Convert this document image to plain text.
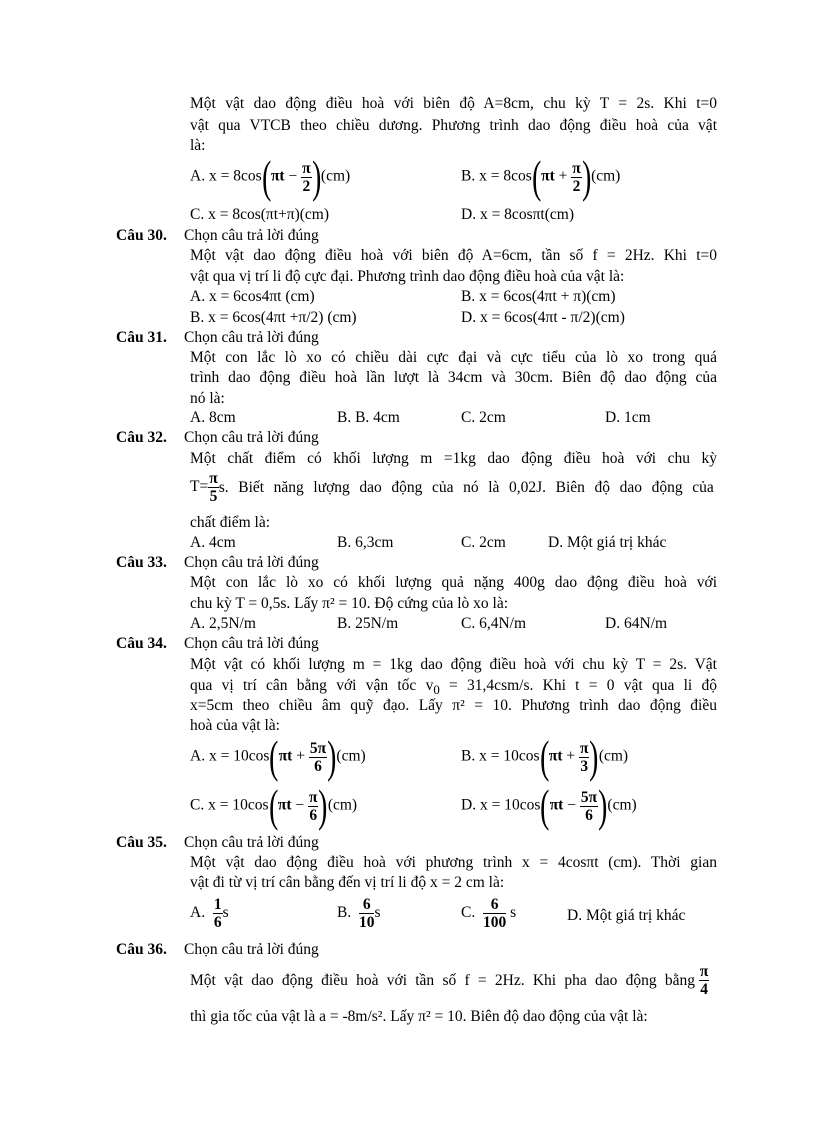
Một vật dao động điều hoà với biên độ A=8cm, chu kỳ T = 2s. Khi t=0
vật qua VTCB theo chiều dương. Phương trình dao động điều hoà của vật
là:
A. $x = 8\cos(\pi t - \frac{\pi}{2} )(cm)$	B. $x = 8\cos(\pi t + \frac{\pi}{2} )(cm)$
C. x = 8cos(πt+π)(cm)	D. x = 8cosπt(cm)
Câu 30. Chọn câu trả lời đúng
Một vật dao động điều hoà với biên độ A=6cm, tần số f = 2Hz. Khi t=0
vật qua vị trí li độ cực đại. Phương trình dao động điều hoà của vật là:
A. x = 6cos4πt (cm)	B. x = 6cos(4πt + π)(cm)
B. x = 6cos(4πt +π/2) (cm)	D. x = 6cos(4πt - π/2)(cm)
Câu 31. Chọn câu trả lời đúng
Một con lắc lò xo có chiều dài cực đại và cực tiểu của lò xo trong quá
trình dao động điều hoà lần lượt là 34cm và 30cm. Biên độ dao động của
nó là:
A. 8cm	B. B. 4cm	C. 2cm	D. 1cm
Câu 32. Chọn câu trả lời đúng
Một chất điểm có khối lượng m =1kg dao động điều hoà với chu kỳ
$T= \frac{\pi}{5} s$. Biết năng lượng dao động của nó là 0,02J. Biên độ dao động của
chất điểm là:
A. 4cm	B. 6,3cm	C. 2cm	D. Một giá trị khác
Câu 33. Chọn câu trả lời đúng
Một con lắc lò xo có khối lượng quả nặng 400g dao động điều hoà với
chu kỳ T = 0,5s. Lấy π² = 10. Độ cứng của lò xo là:
A. 2,5N/m	B. 25N/m	C. 6,4N/m	D. 64N/m
Câu 34. Chọn câu trả lời đúng
Một vật có khối lượng m = 1kg dao động điều hoà với chu kỳ T = 2s. Vật
qua vị trí cân bằng với vận tốc $v_0 = 31,4csm/s$. Khi t = 0 vật qua li độ
x=5cm theo chiều âm quỹ đạo. Lấy π² = 10. Phương trình dao động điều
hoà của vật là:
A. $x = 10\cos(\pi t + \frac{5\pi}{6} )(cm)$	B. $x = 10\cos(\pi t + \frac{\pi}{3} )(cm)$
C. $x = 10\cos(\pi t - \frac{\pi}{6} )(cm)$	D. $x = 10\cos(\pi t - \frac{5\pi}{6} )(cm)$
Câu 35. Chọn câu trả lời đúng
Một vật dao động điều hoà với phương trình x = 4cosπt (cm). Thời gian
vật đi từ vị trí cân bằng đến vị trí li độ x = 2 cm là:
A. $\frac{1}{6}$ s	B. $\frac{6}{10}$ s	C. $\frac{6}{100}$ s	D. Một giá trị khác
Câu 36. Chọn câu trả lời đúng
Một vật dao động điều hoà với tần số f = 2Hz. Khi pha dao động bằng $\frac{\pi}{4}$
thì gia tốc của vật là a = -8m/s². Lấy π² = 10. Biên độ dao động của vật là:
